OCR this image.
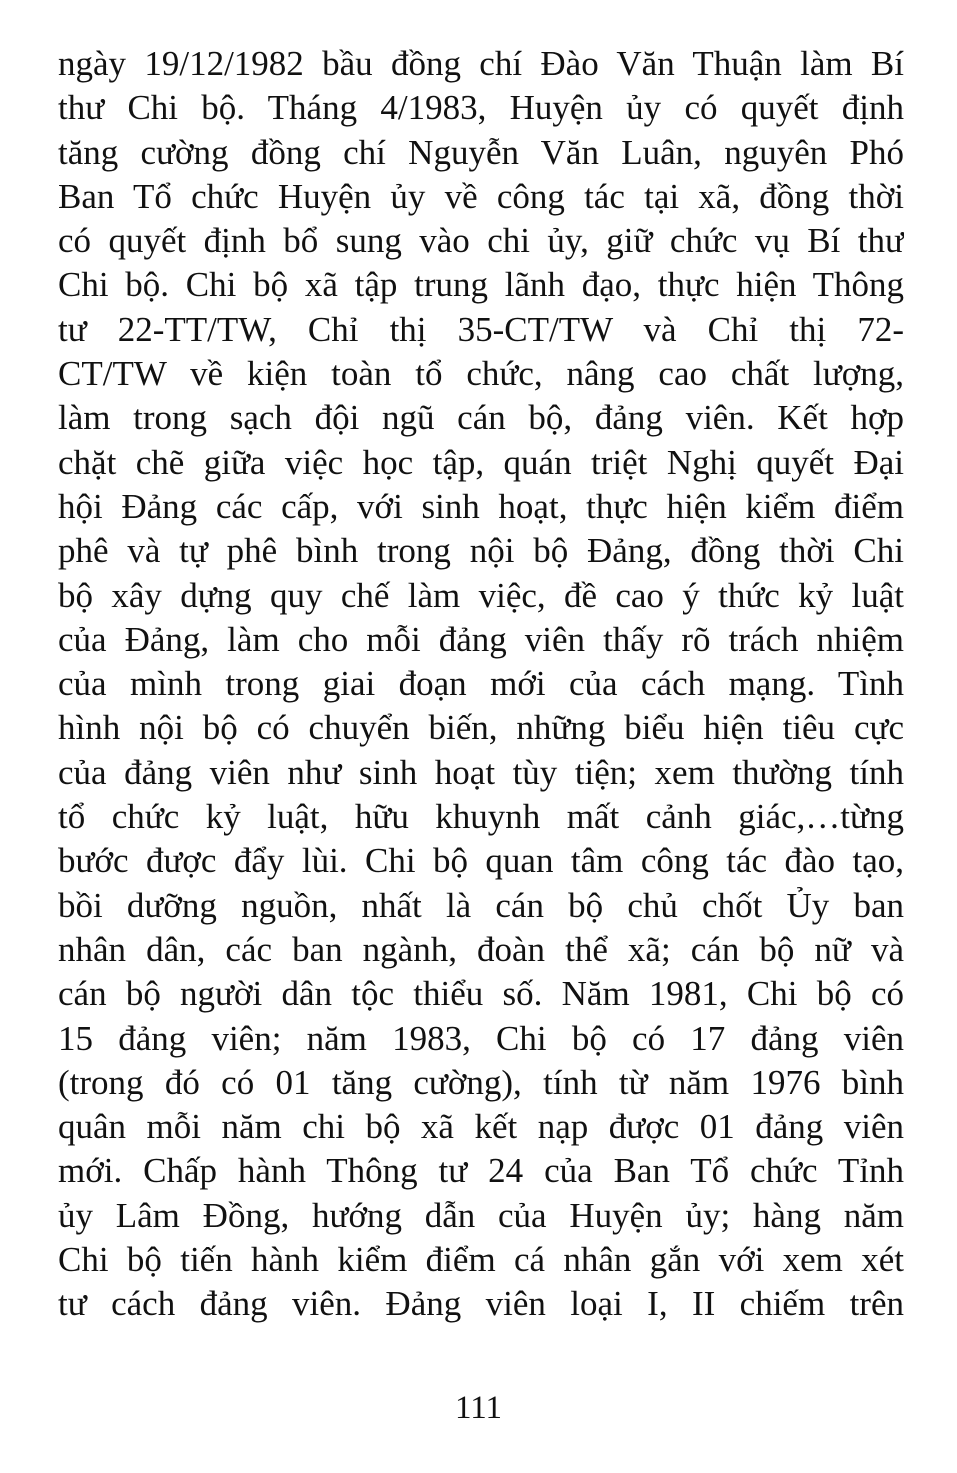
ngày 19/12/1982 bầu đồng chí Đào Văn Thuận làm Bí
thư Chi bộ. Tháng 4/1983, Huyện ủy có quyết định
tăng cường đồng chí Nguyễn Văn Luân, nguyên Phó
Ban Tổ chức Huyện ủy về công tác tại xã, đồng thời
có quyết định bổ sung vào chi ủy, giữ chức vụ Bí thư
Chi bộ. Chi bộ xã tập trung lãnh đạo, thực hiện Thông
tư 22-TT/TW, Chỉ thị 35-CT/TW và Chỉ thị 72-
CT/TW về kiện toàn tổ chức, nâng cao chất lượng,
làm trong sạch đội ngũ cán bộ, đảng viên. Kết hợp
chặt chẽ giữa việc học tập, quán triệt Nghị quyết Đại
hội Đảng các cấp, với sinh hoạt, thực hiện kiểm điểm
phê và tự phê bình trong nội bộ Đảng, đồng thời Chi
bộ xây dựng quy chế làm việc, đề cao ý thức kỷ luật
của Đảng, làm cho mỗi đảng viên thấy rõ trách nhiệm
của mình trong giai đoạn mới của cách mạng. Tình
hình nội bộ có chuyển biến, những biểu hiện tiêu cực
của đảng viên như sinh hoạt tùy tiện; xem thường tính
tổ chức kỷ luật, hữu khuynh mất cảnh giác,…từng
bước được đẩy lùi. Chi bộ quan tâm công tác đào tạo,
bồi dưỡng nguồn, nhất là cán bộ chủ chốt Ủy ban
nhân dân, các ban ngành, đoàn thể xã; cán bộ nữ và
cán bộ người dân tộc thiểu số. Năm 1981, Chi bộ có
15 đảng viên; năm 1983, Chi bộ có 17 đảng viên
(trong đó có 01 tăng cường), tính từ năm 1976 bình
quân mỗi năm chi bộ xã kết nạp được 01 đảng viên
mới. Chấp hành Thông tư 24 của Ban Tổ chức Tỉnh
ủy Lâm Đồng, hướng dẫn của Huyện ủy; hàng năm
Chi bộ tiến hành kiểm điểm cá nhân gắn với xem xét
tư cách đảng viên. Đảng viên loại I, II chiếm trên
111
